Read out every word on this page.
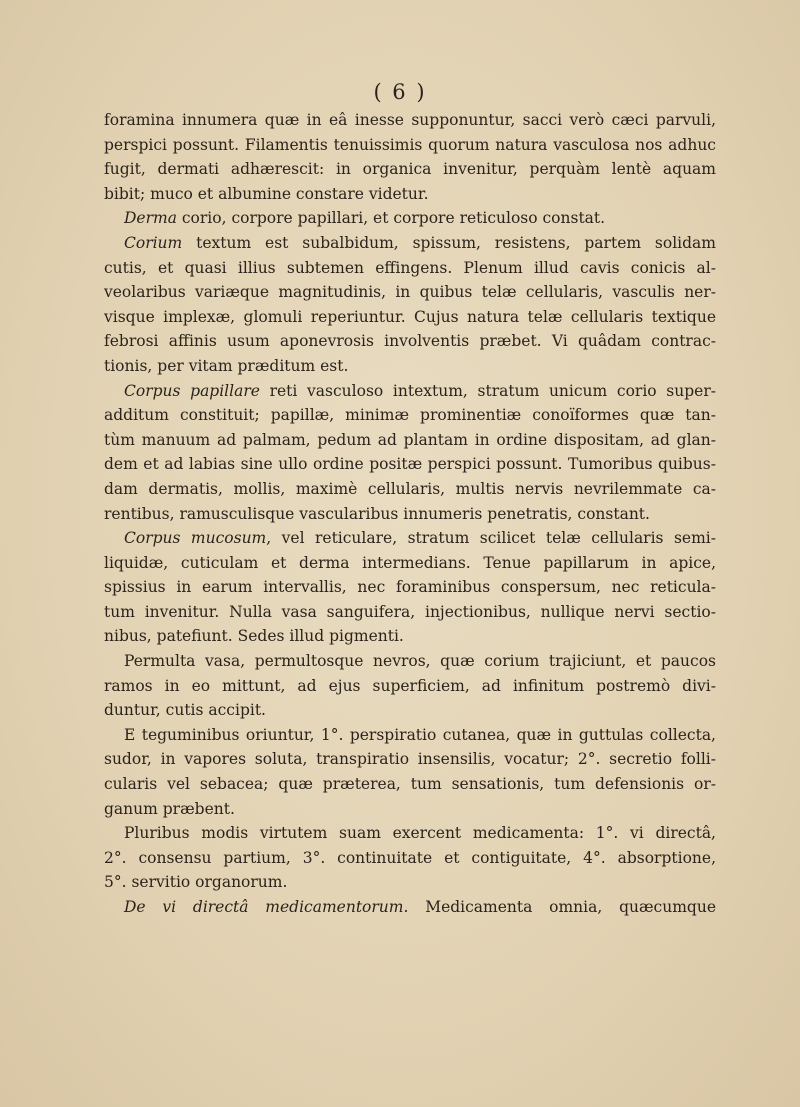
( 6 )
foramina innumera quæ in eâ inesse supponuntur, sacci verò cæci parvuli,
perspici possunt. Filamentis tenuissimis quorum natura vasculosa nos adhuc
fugit, dermati adhærescit: in organica invenitur, perquàm lentè aquam
bibit; muco et albumine constare videtur.
Derma corio, corpore papillari, et corpore reticuloso constat.
Corium textum est subalbidum, spissum, resistens, partem solidam
cutis, et quasi illius subtemen effingens. Plenum illud cavis conicis al-
veolaribus variæque magnitudinis, in quibus telæ cellularis, vasculis ner-
visque implexæ, glomuli reperiuntur. Cujus natura telæ cellularis textique
febrosi affinis usum aponevrosis involventis præbet. Vi quâdam contrac-
tionis, per vitam præditum est.
Corpus papillare reti vasculoso intextum, stratum unicum corio super-
additum constituit; papillæ, minimæ prominentiæ conoïformes quæ tan-
tùm manuum ad palmam, pedum ad plantam in ordine dispositam, ad glan-
dem et ad labias sine ullo ordine positæ perspici possunt. Tumoribus quibus-
dam dermatis, mollis, maximè cellularis, multis nervis nevrilemmate ca-
rentibus, ramusculisque vascularibus innumeris penetratis, constant.
Corpus mucosum, vel reticulare, stratum scilicet telæ cellularis semi-
liquidæ, cuticulam et derma intermedians. Tenue papillarum in apice,
spissius in earum intervallis, nec foraminibus conspersum, nec reticula-
tum invenitur. Nulla vasa sanguifera, injectionibus, nullique nervi sectio-
nibus, patefiunt. Sedes illud pigmenti.
Permulta vasa, permultosque nevros, quæ corium trajiciunt, et paucos
ramos in eo mittunt, ad ejus superficiem, ad infinitum postremò divi-
duntur, cutis accipit.
E teguminibus oriuntur, 1°. perspiratio cutanea, quæ in guttulas collecta,
sudor, in vapores soluta, transpiratio insensilis, vocatur; 2°. secretio folli-
cularis vel sebacea; quæ præterea, tum sensationis, tum defensionis or-
ganum præbent.
Pluribus modis virtutem suam exercent medicamenta: 1°. vi directâ,
2°. consensu partium, 3°. continuitate et contiguitate, 4°. absorptione,
5°. servitio organorum.
De vi directâ medicamentorum. Medicamenta omnia, quæcumque
